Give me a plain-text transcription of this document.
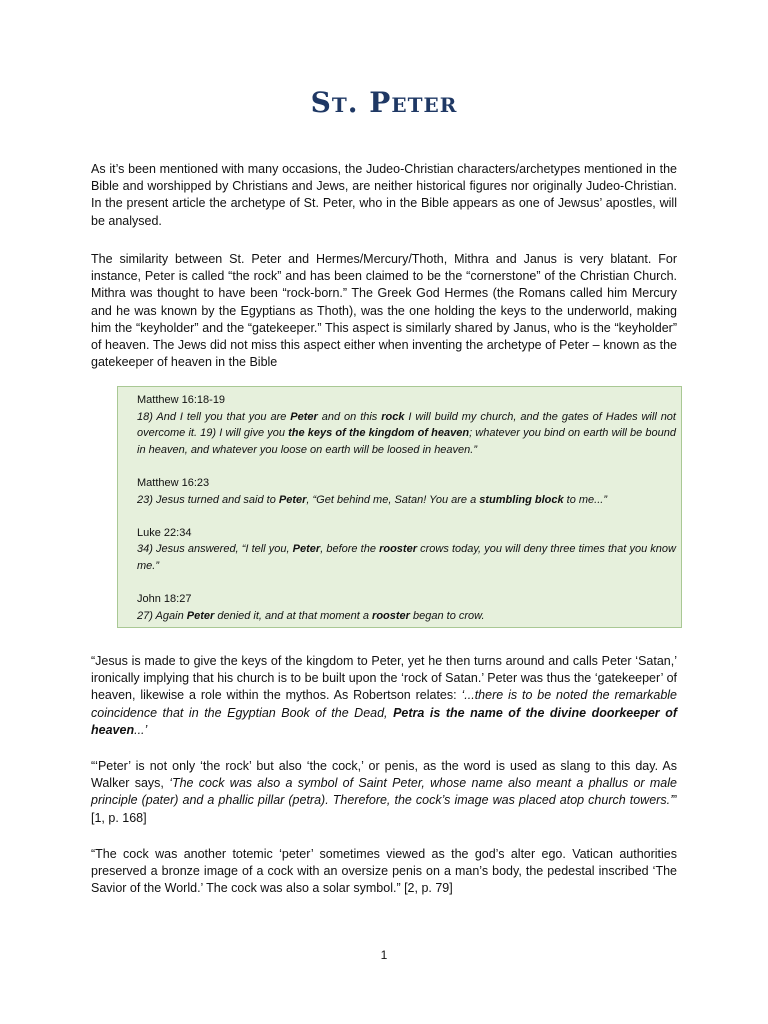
St. Peter

As it’s been mentioned with many occasions, the Judeo-Christian characters/archetypes mentioned in the Bible and worshipped by Christians and Jews, are neither historical figures nor originally Judeo-Christian. In the present article the archetype of St. Peter, who in the Bible appears as one of Jewsus’ apostles, will be analysed.

The similarity between St. Peter and Hermes/Mercury/Thoth, Mithra and Janus is very blatant. For instance, Peter is called “the rock” and has been claimed to be the “cornerstone” of the Christian Church. Mithra was thought to have been “rock-born.” The Greek God Hermes (the Romans called him Mercury and he was known by the Egyptians as Thoth), was the one holding the keys to the underworld, making him the “keyholder” and the “gatekeeper.” This aspect is similarly shared by Janus, who is the “keyholder” of heaven. The Jews did not miss this aspect either when inventing the archetype of Peter – known as the gatekeeper of heaven in the Bible

Matthew 16:18-19
18) And I tell you that you are Peter and on this rock I will build my church, and the gates of Hades will not overcome it. 19) I will give you the keys of the kingdom of heaven; whatever you bind on earth will be bound in heaven, and whatever you loose on earth will be loosed in heaven.”
Matthew 16:23
23) Jesus turned and said to Peter, “Get behind me, Satan! You are a stumbling block to me...”
Luke 22:34
34) Jesus answered, “I tell you, Peter, before the rooster crows today, you will deny three times that you know me.”
John 18:27
27) Again Peter denied it, and at that moment a rooster began to crow.

“Jesus is made to give the keys of the kingdom to Peter, yet he then turns around and calls Peter ‘Satan,’ ironically implying that his church is to be built upon the ‘rock of Satan.’ Peter was thus the ‘gatekeeper’ of heaven, likewise a role within the mythos. As Robertson relates: ‘...there is to be noted the remarkable coincidence that in the Egyptian Book of the Dead, Petra is the name of the divine doorkeeper of heaven...’

“‘Peter’ is not only ‘the rock’ but also ‘the cock,’ or penis, as the word is used as slang to this day. As Walker says, ‘The cock was also a symbol of Saint Peter, whose name also meant a phallus or male principle (pater) and a phallic pillar (petra). Therefore, the cock’s image was placed atop church towers.’” [1, p. 168]

“The cock was another totemic ‘peter’ sometimes viewed as the god’s alter ego. Vatican authorities preserved a bronze image of a cock with an oversize penis on a man’s body, the pedestal inscribed ‘The Savior of the World.’ The cock was also a solar symbol.” [2, p. 79]

1
